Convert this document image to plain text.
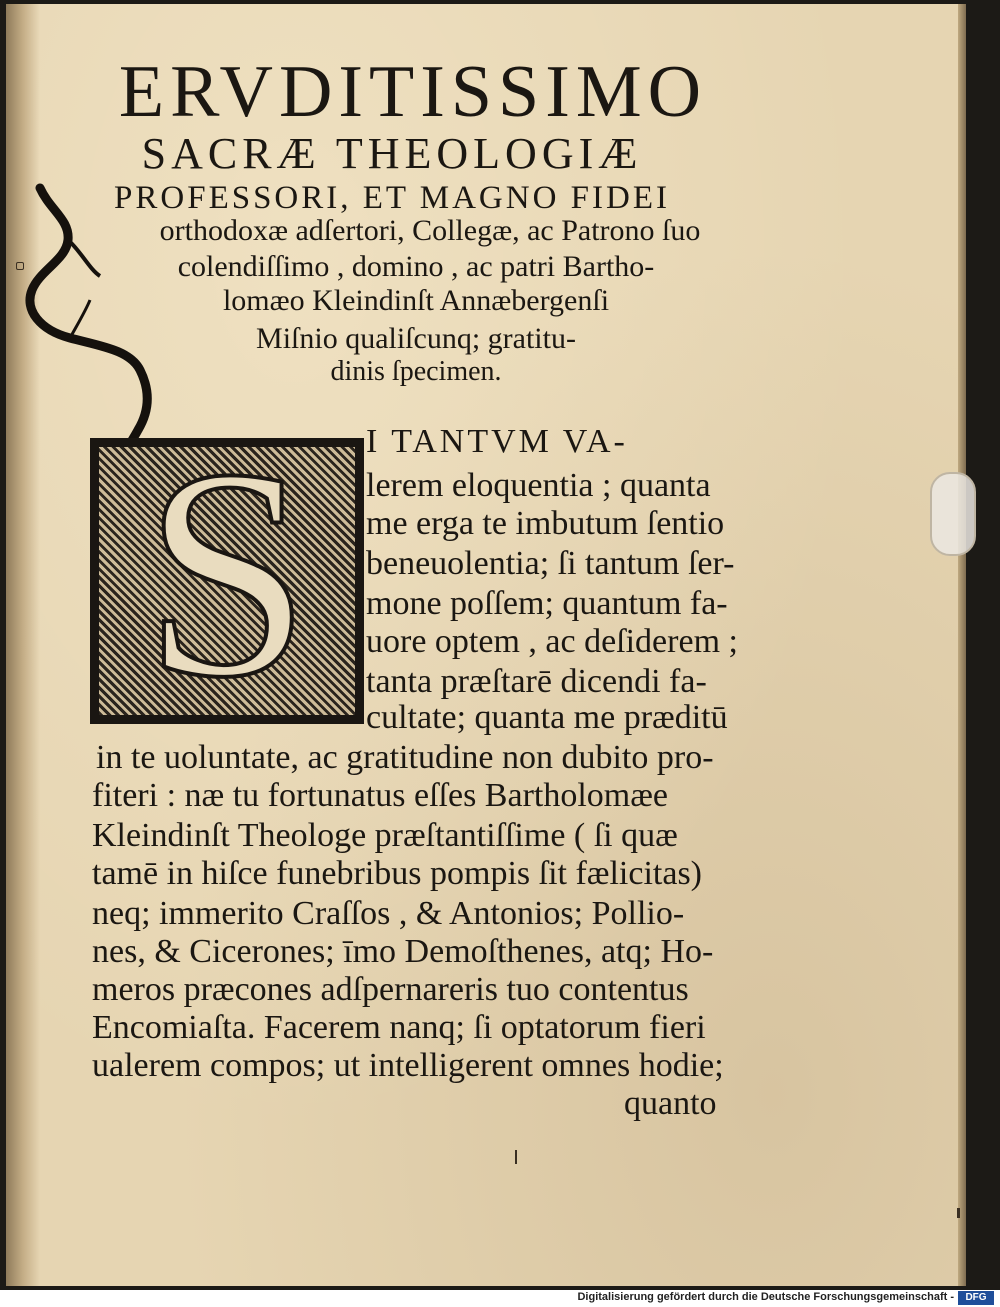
ERVDITISSIMO
SACRÆ THEOLOGIÆ
PROFESSORI, ET MAGNO FIDEI
orthodoxæ adſertori, Collegæ, ac Patrono ſuo
colendiſſimo , domino , ac patri Bartho-
lomæo Kleindinſt Annæbergenſi
Miſnio qualiſcunq; gratitu-
dinis ſpecimen.
S	I TANTVM VA-
lerem eloquentia ; quanta
me erga te imbutum ſentio
beneuolentia; ſi tantum ſer-
mone poſſem; quantum fa-
uore optem , ac deſiderem ;
tanta præſtarē dicendi fa-
cultate; quanta me præditū
in te uoluntate, ac gratitudine non dubito pro-
fiteri : næ tu fortunatus eſſes Bartholomæe
Kleindinſt Theologe præſtantiſſime ( ſi quæ
tamē in hiſce funebribus pompis ſit fælicitas)
neq; immerito Craſſos , & Antonios; Pollio-
nes, & Cicerones; īmo Demoſthenes, atq; Ho-
meros præcones adſpernareris tuo contentus
Encomiaſta. Facerem nanq; ſi optatorum fieri
ualerem compos; ut intelligerent omnes hodie;
quanto
Digitalisierung gefördert durch die Deutsche Forschungsgemeinschaft -	DFG
